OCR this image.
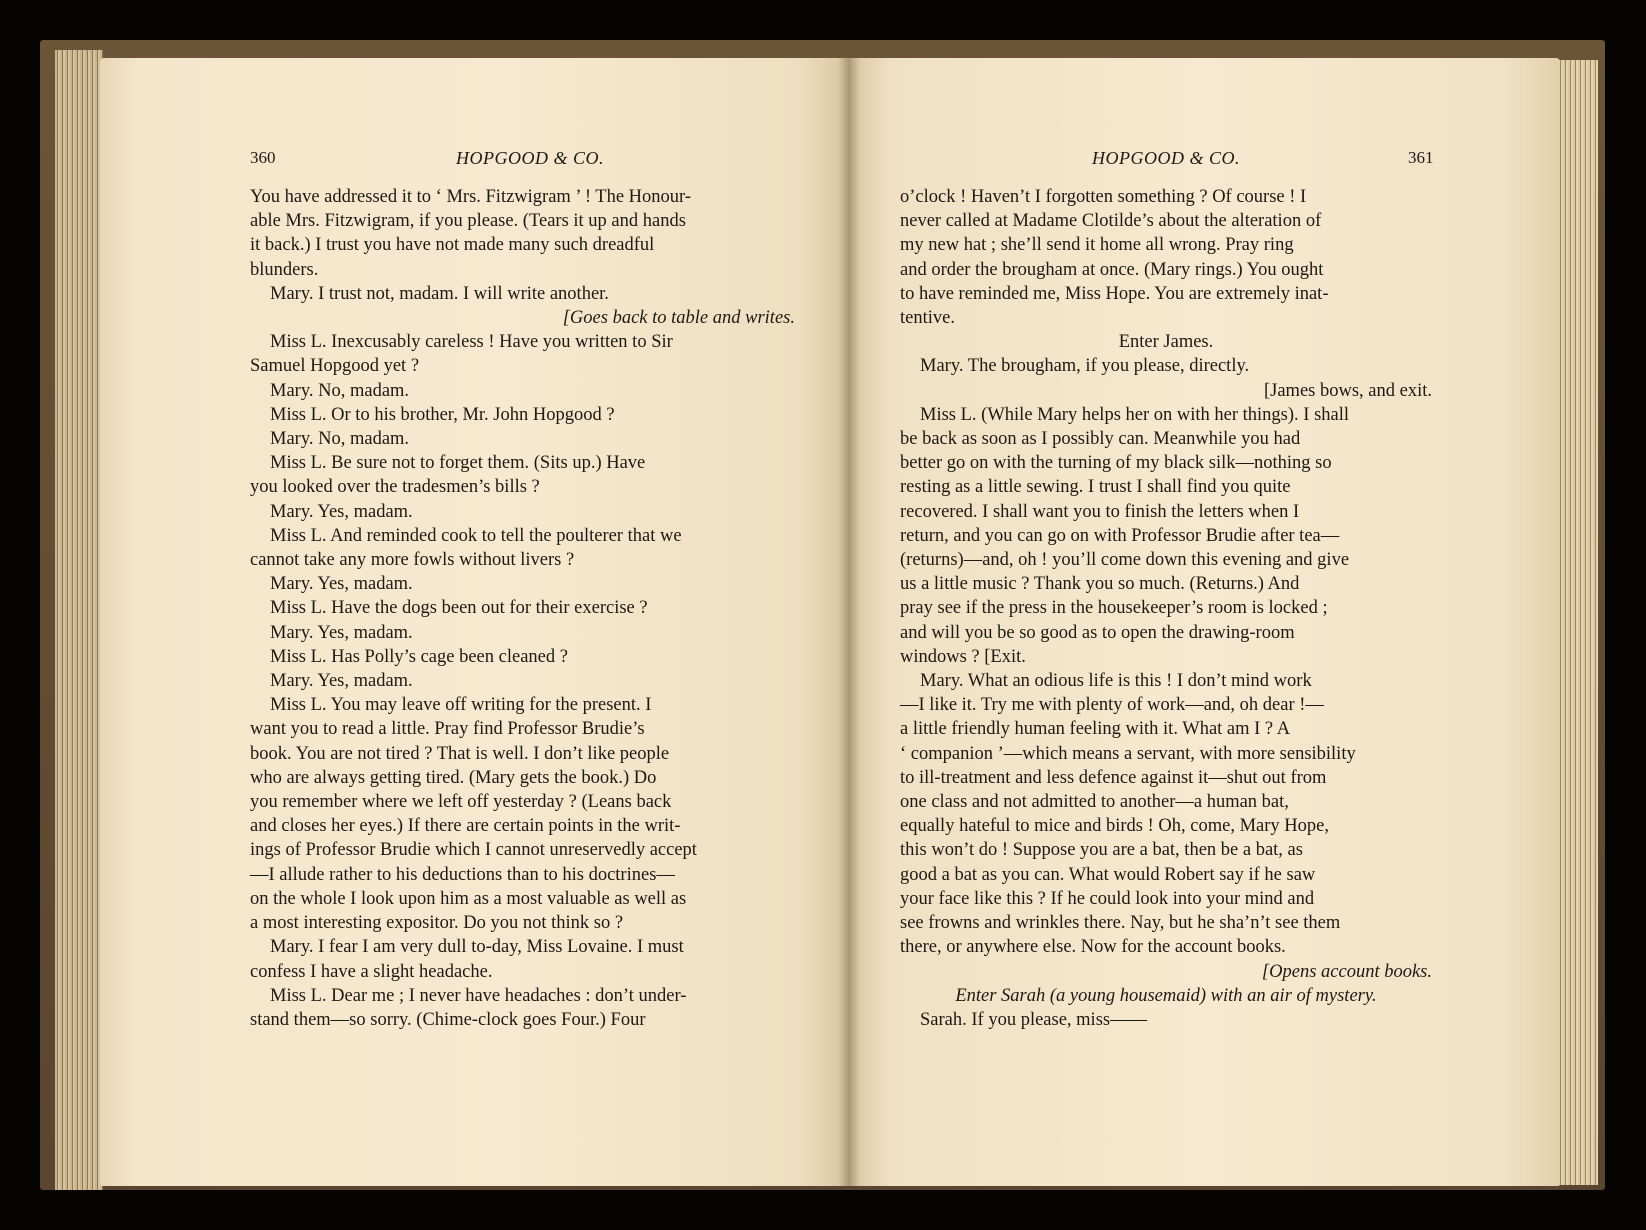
360	HOPGOOD & CO.
You have addressed it to ‘ Mrs. Fitzwigram ’ ! The Honour-
able Mrs. Fitzwigram, if you please. (Tears it up and hands
it back.) I trust you have not made many such dreadful
blunders.
Mary. I trust not, madam. I will write another.
[Goes back to table and writes.
Miss L. Inexcusably careless ! Have you written to Sir
Samuel Hopgood yet ?
Mary. No, madam.
Miss L. Or to his brother, Mr. John Hopgood ?
Mary. No, madam.
Miss L. Be sure not to forget them. (Sits up.) Have
you looked over the tradesmen’s bills ?
Mary. Yes, madam.
Miss L. And reminded cook to tell the poulterer that we
cannot take any more fowls without livers ?
Mary. Yes, madam.
Miss L. Have the dogs been out for their exercise ?
Mary. Yes, madam.
Miss L. Has Polly’s cage been cleaned ?
Mary. Yes, madam.
Miss L. You may leave off writing for the present. I
want you to read a little. Pray find Professor Brudie’s
book. You are not tired ? That is well. I don’t like people
who are always getting tired. (Mary gets the book.) Do
you remember where we left off yesterday ? (Leans back
and closes her eyes.) If there are certain points in the writ-
ings of Professor Brudie which I cannot unreservedly accept
—I allude rather to his deductions than to his doctrines—
on the whole I look upon him as a most valuable as well as
a most interesting expositor. Do you not think so ?
Mary. I fear I am very dull to-day, Miss Lovaine. I must
confess I have a slight headache.
Miss L. Dear me ; I never have headaches : don’t under-
stand them—so sorry. (Chime-clock goes Four.) Four
HOPGOOD & CO.	361
o’clock ! Haven’t I forgotten something ? Of course ! I
never called at Madame Clotilde’s about the alteration of
my new hat ; she’ll send it home all wrong. Pray ring
and order the brougham at once. (Mary rings.) You ought
to have reminded me, Miss Hope. You are extremely inat-
tentive.
Enter James.
Mary. The brougham, if you please, directly.
[James bows, and exit.
Miss L. (While Mary helps her on with her things). I shall
be back as soon as I possibly can. Meanwhile you had
better go on with the turning of my black silk—nothing so
resting as a little sewing. I trust I shall find you quite
recovered. I shall want you to finish the letters when I
return, and you can go on with Professor Brudie after tea—
(returns)—and, oh ! you’ll come down this evening and give
us a little music ? Thank you so much. (Returns.) And
pray see if the press in the housekeeper’s room is locked ;
and will you be so good as to open the drawing-room
windows ? [Exit.
Mary. What an odious life is this ! I don’t mind work
—I like it. Try me with plenty of work—and, oh dear !—
a little friendly human feeling with it. What am I ? A
‘ companion ’—which means a servant, with more sensibility
to ill-treatment and less defence against it—shut out from
one class and not admitted to another—a human bat,
equally hateful to mice and birds ! Oh, come, Mary Hope,
this won’t do ! Suppose you are a bat, then be a bat, as
good a bat as you can. What would Robert say if he saw
your face like this ? If he could look into your mind and
see frowns and wrinkles there. Nay, but he sha’n’t see them
there, or anywhere else. Now for the account books.
[Opens account books.
Enter Sarah (a young housemaid) with an air of mystery.
Sarah. If you please, miss——
